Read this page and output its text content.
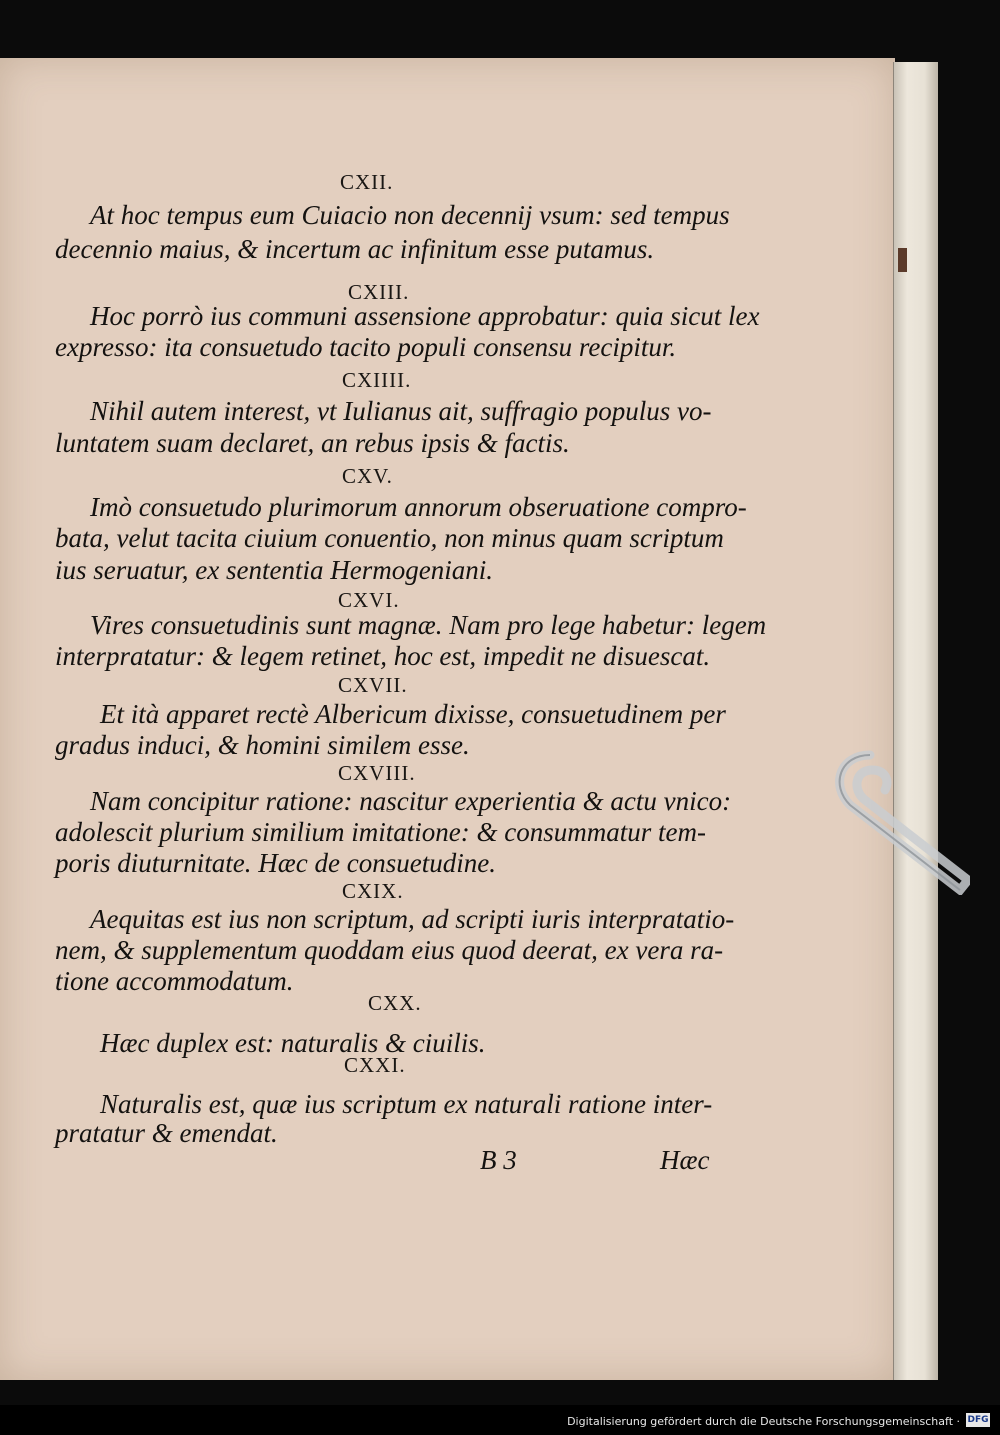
CXII.
At hoc tempus eum Cuiacio non decennij vsum: sed tempus
decennio maius, & incertum ac infinitum esse putamus.
CXIII.
Hoc porrò ius communi assensione approbatur: quia sicut lex
expresso: ita consuetudo tacito populi consensu recipitur.
CXIIII.
Nihil autem interest, vt Iulianus ait, suffragio populus vo-
luntatem suam declaret, an rebus ipsis & factis.
CXV.
Imò consuetudo plurimorum annorum obseruatione compro-
bata, velut tacita ciuium conuentio, non minus quam scriptum
ius seruatur, ex sententia Hermogeniani.
CXVI.
Vires consuetudinis sunt magnæ. Nam pro lege habetur: legem
interpratatur: & legem retinet, hoc est, impedit ne disuescat.
CXVII.
Et ità apparet rectè Albericum dixisse, consuetudinem per
gradus induci, & homini similem esse.
CXVIII.
Nam concipitur ratione: nascitur experientia & actu vnico:
adolescit plurium similium imitatione: & consummatur tem-
poris diuturnitate. Hæc de consuetudine.
CXIX.
Aequitas est ius non scriptum, ad scripti iuris interpratatio-
nem, & supplementum quoddam eius quod deerat, ex vera ra-
tione accommodatum.
CXX.
Hæc duplex est: naturalis & ciuilis.
CXXI.
Naturalis est, quæ ius scriptum ex naturali ratione inter-
pratatur & emendat.
B 3	Hæc
Digitalisierung gefördert durch die Deutsche Forschungsgemeinschaft · DFG
